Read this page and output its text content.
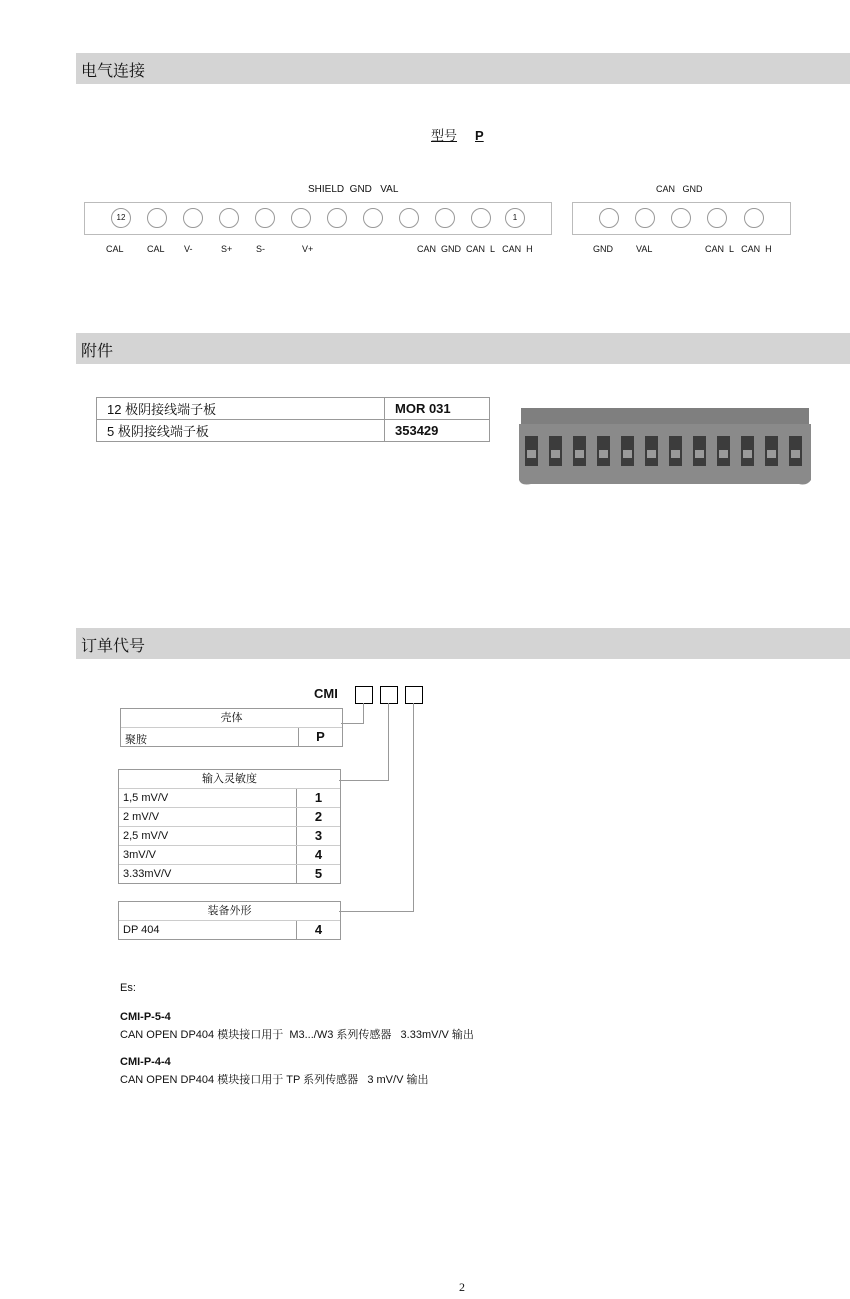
电气连接
型号 P
SHIELD  GND   VAL	CAN   GND
12	1
CAL	CAL V-	S+	S-	V+	CAN  GND  CAN  L   CAN  H	GND	VAL	CAN  L   CAN  H
附件
12 极阴接线端子板	MOR 031
5 极阴接线端子板	353429
订单代号
CMI
壳体
聚胺	P
输入灵敏度
1,5 mV/V	1
2 mV/V	2
2,5 mV/V	3
3mV/V	4
3.33mV/V	5
装备外形
DP 404	4
Es:
CMI-P-5-4
CAN OPEN DP404 模块接口用于  M3.../W3 系列传感器   3.33mV/V 输出
CMI-P-4-4
CAN OPEN DP404 模块接口用于 TP 系列传感器   3 mV/V 输出
2
